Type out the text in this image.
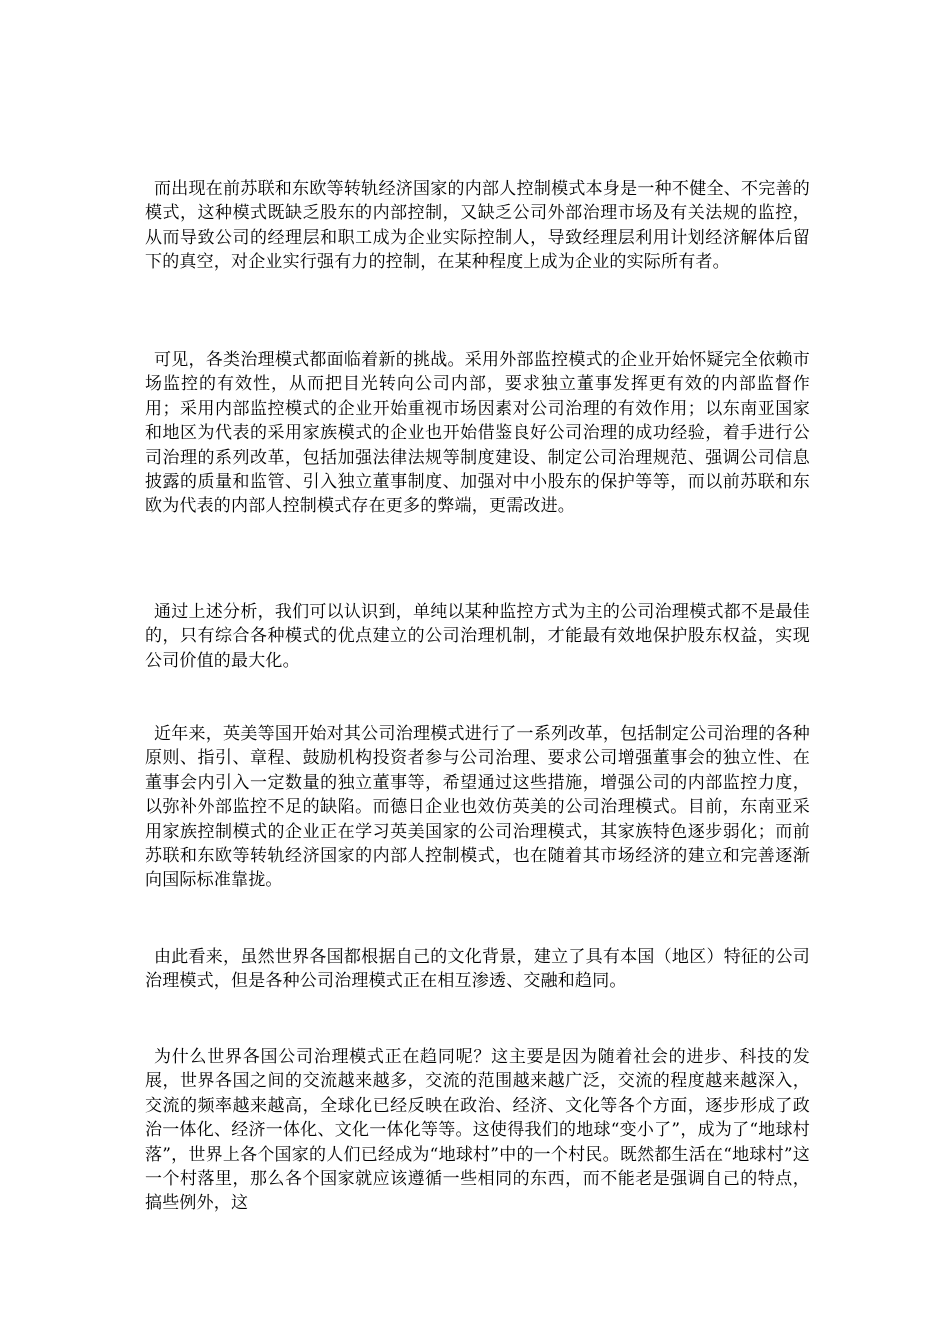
而出现在前苏联和东欧等转轨经济国家的内部人控制模式本身是一种不健全、不完善的模式，这种模式既缺乏股东的内部控制，又缺乏公司外部治理市场及有关法规的监控，从而导致公司的经理层和职工成为企业实际控制人，导致经理层利用计划经济解体后留下的真空，对企业实行强有力的控制，在某种程度上成为企业的实际所有者。

可见，各类治理模式都面临着新的挑战。采用外部监控模式的企业开始怀疑完全依赖市场监控的有效性，从而把目光转向公司内部，要求独立董事发挥更有效的内部监督作用；采用内部监控模式的企业开始重视市场因素对公司治理的有效作用；以东南亚国家和地区为代表的采用家族模式的企业也开始借鉴良好公司治理的成功经验，着手进行公司治理的系列改革，包括加强法律法规等制度建设、制定公司治理规范、强调公司信息披露的质量和监管、引入独立董事制度、加强对中小股东的保护等等，而以前苏联和东欧为代表的内部人控制模式存在更多的弊端，更需改进。

通过上述分析，我们可以认识到，单纯以某种监控方式为主的公司治理模式都不是最佳的，只有综合各种模式的优点建立的公司治理机制，才能最有效地保护股东权益，实现公司价值的最大化。

近年来，英美等国开始对其公司治理模式进行了一系列改革，包括制定公司治理的各种原则、指引、章程、鼓励机构投资者参与公司治理、要求公司增强董事会的独立性、在董事会内引入一定数量的独立董事等，希望通过这些措施，增强公司的内部监控力度，以弥补外部监控不足的缺陷。而德日企业也效仿英美的公司治理模式。目前，东南亚采用家族控制模式的企业正在学习英美国家的公司治理模式，其家族特色逐步弱化；而前苏联和东欧等转轨经济国家的内部人控制模式，也在随着其市场经济的建立和完善逐渐向国际标准靠拢。

由此看来，虽然世界各国都根据自己的文化背景，建立了具有本国（地区）特征的公司治理模式，但是各种公司治理模式正在相互渗透、交融和趋同。

为什么世界各国公司治理模式正在趋同呢？这主要是因为随着社会的进步、科技的发展，世界各国之间的交流越来越多，交流的范围越来越广泛，交流的程度越来越深入，交流的频率越来越高，全球化已经反映在政治、经济、文化等各个方面，逐步形成了政治一体化、经济一体化、文化一体化等等。这使得我们的地球“变小了”，成为了“地球村落”，世界上各个国家的人们已经成为“地球村”中的一个村民。既然都生活在“地球村”这一个村落里，那么各个国家就应该遵循一些相同的东西，而不能老是强调自己的特点，搞些例外，这
